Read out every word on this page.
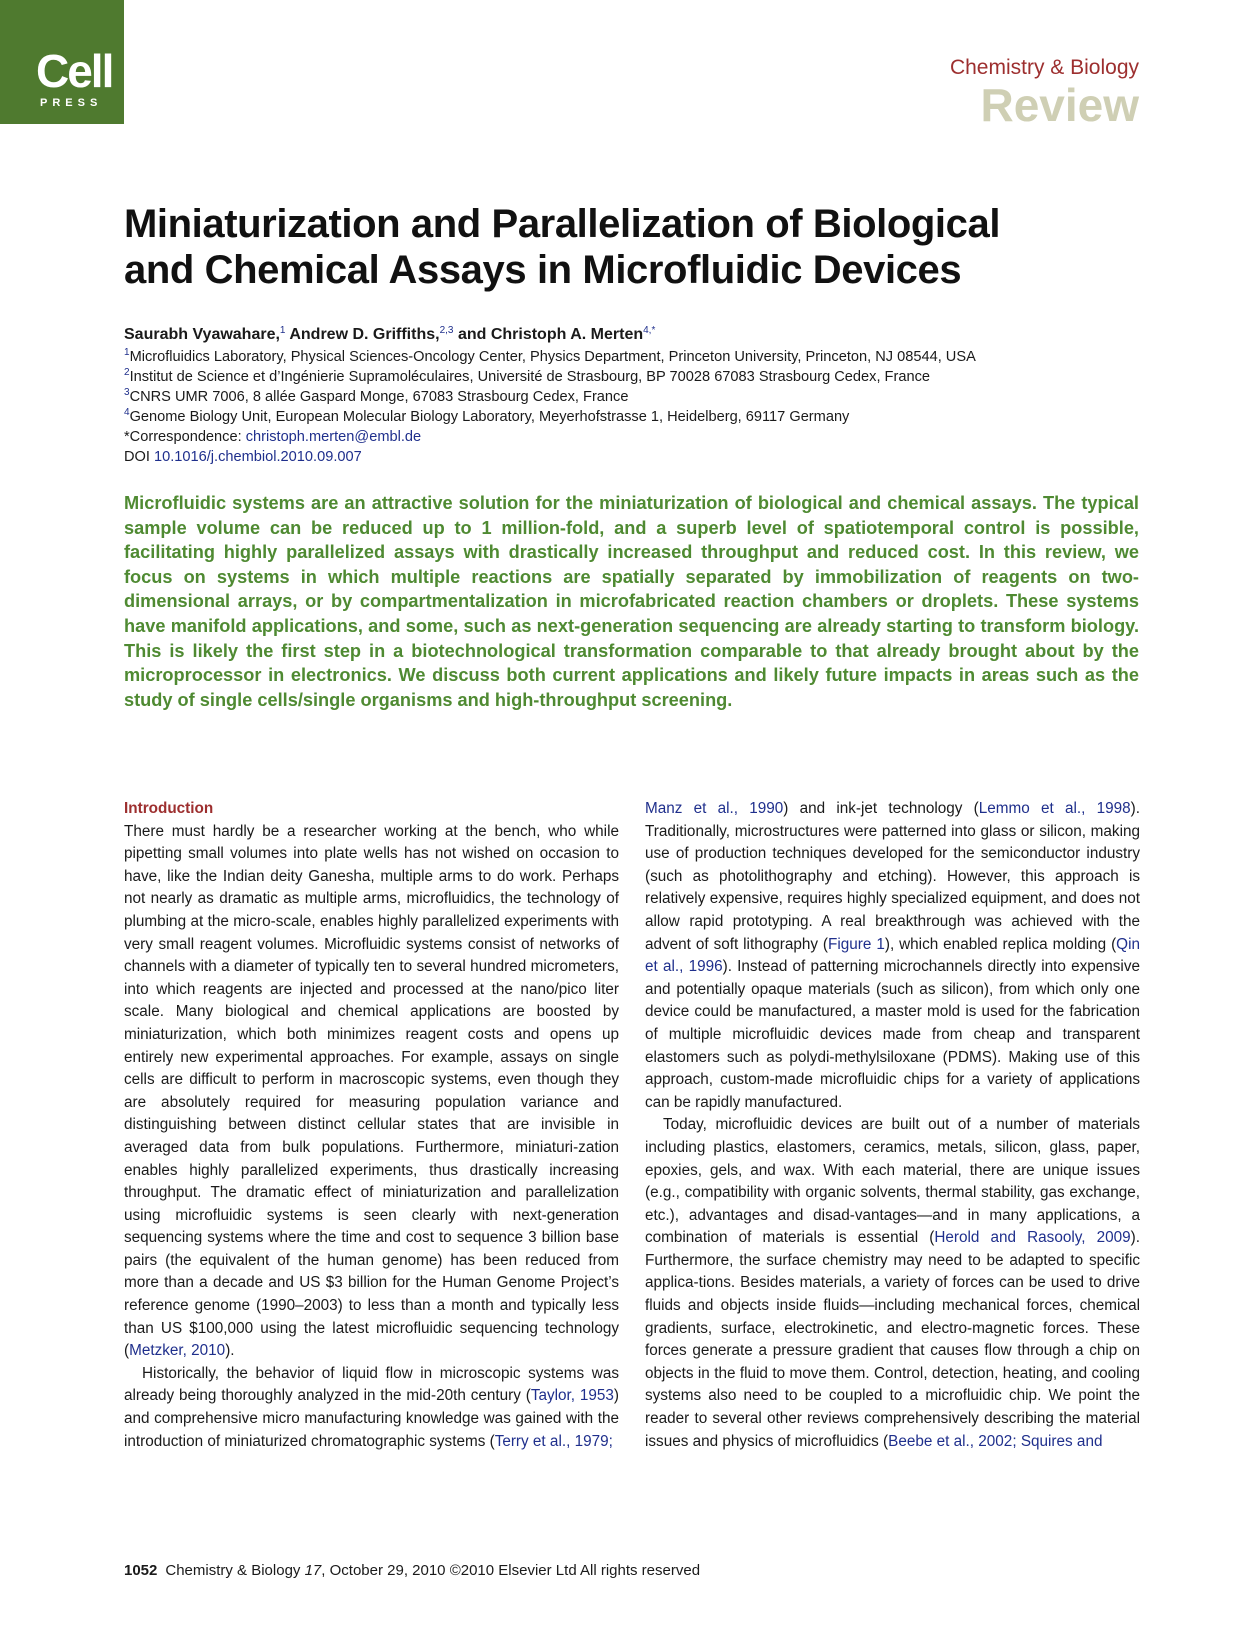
Cell
PRESS
Chemistry & Biology
Review
Miniaturization and Parallelization of Biological
and Chemical Assays in Microfluidic Devices
Saurabh Vyawahare,$^1$ Andrew D. Griffiths,$^{2,3}$ and Christoph A. Merten$^{4,*}$
$^1$Microfluidics Laboratory, Physical Sciences-Oncology Center, Physics Department, Princeton University, Princeton, NJ 08544, USA
$^2$Institut de Science et d’Ingénierie Supramoléculaires, Université de Strasbourg, BP 70028 67083 Strasbourg Cedex, France
$^3$CNRS UMR 7006, 8 allée Gaspard Monge, 67083 Strasbourg Cedex, France
$^4$Genome Biology Unit, European Molecular Biology Laboratory, Meyerhofstrasse 1, Heidelberg, 69117 Germany
*Correspondence: christoph.merten@embl.de
DOI 10.1016/j.chembiol.2010.09.007

Microfluidic systems are an attractive solution for the miniaturization of biological and chemical assays. The typical sample volume can be reduced up to 1 million-fold, and a superb level of spatiotemporal control is possible, facilitating highly parallelized assays with drastically increased throughput and reduced cost. In this review, we focus on systems in which multiple reactions are spatially separated by immobilization of reagents on two-dimensional arrays, or by compartmentalization in microfabricated reaction chambers or droplets. These systems have manifold applications, and some, such as next-generation sequencing are already starting to transform biology. This is likely the first step in a biotechnological transformation comparable to that already brought about by the microprocessor in electronics. We discuss both current applications and likely future impacts in areas such as the study of single cells/single organisms and high-throughput screening.

Introduction

There must hardly be a researcher working at the bench, who while pipetting small volumes into plate wells has not wished on occasion to have, like the Indian deity Ganesha, multiple arms to do work. Perhaps not nearly as dramatic as multiple arms, microfluidics, the technology of plumbing at the micro-scale, enables highly parallelized experiments with very small reagent volumes. Microfluidic systems consist of networks of channels with a diameter of typically ten to several hundred micrometers, into which reagents are injected and processed at the nano/pico liter scale. Many biological and chemical applications are boosted by miniaturization, which both minimizes reagent costs and opens up entirely new experimental approaches. For example, assays on single cells are difficult to perform in macroscopic systems, even though they are absolutely required for measuring population variance and distinguishing between distinct cellular states that are invisible in averaged data from bulk populations. Furthermore, miniaturi-zation enables highly parallelized experiments, thus drastically increasing throughput. The dramatic effect of miniaturization and parallelization using microfluidic systems is seen clearly with next-generation sequencing systems where the time and cost to sequence 3 billion base pairs (the equivalent of the human genome) has been reduced from more than a decade and US $3 billion for the Human Genome Project’s reference genome (1990–2003) to less than a month and typically less than US $100,000 using the latest microfluidic sequencing technology (Metzker, 2010).

Historically, the behavior of liquid flow in microscopic systems was already being thoroughly analyzed in the mid-20th century (Taylor, 1953) and comprehensive micro manufacturing knowledge was gained with the introduction of miniaturized chromatographic systems (Terry et al., 1979;

Manz et al., 1990) and ink-jet technology (Lemmo et al., 1998). Traditionally, microstructures were patterned into glass or silicon, making use of production techniques developed for the semiconductor industry (such as photolithography and etching). However, this approach is relatively expensive, requires highly specialized equipment, and does not allow rapid prototyping. A real breakthrough was achieved with the advent of soft lithography (Figure 1), which enabled replica molding (Qin et al., 1996). Instead of patterning microchannels directly into expensive and potentially opaque materials (such as silicon), from which only one device could be manufactured, a master mold is used for the fabrication of multiple microfluidic devices made from cheap and transparent elastomers such as polydi-methylsiloxane (PDMS). Making use of this approach, custom-made microfluidic chips for a variety of applications can be rapidly manufactured.

Today, microfluidic devices are built out of a number of materials including plastics, elastomers, ceramics, metals, silicon, glass, paper, epoxies, gels, and wax. With each material, there are unique issues (e.g., compatibility with organic solvents, thermal stability, gas exchange, etc.), advantages and disad-vantages—and in many applications, a combination of materials is essential (Herold and Rasooly, 2009). Furthermore, the surface chemistry may need to be adapted to specific applica-tions. Besides materials, a variety of forces can be used to drive fluids and objects inside fluids—including mechanical forces, chemical gradients, surface, electrokinetic, and electro-magnetic forces. These forces generate a pressure gradient that causes flow through a chip on objects in the fluid to move them. Control, detection, heating, and cooling systems also need to be coupled to a microfluidic chip. We point the reader to several other reviews comprehensively describing the material issues and physics of microfluidics (Beebe et al., 2002; Squires and

1052 Chemistry & Biology 17, October 29, 2010 ©2010 Elsevier Ltd All rights reserved
